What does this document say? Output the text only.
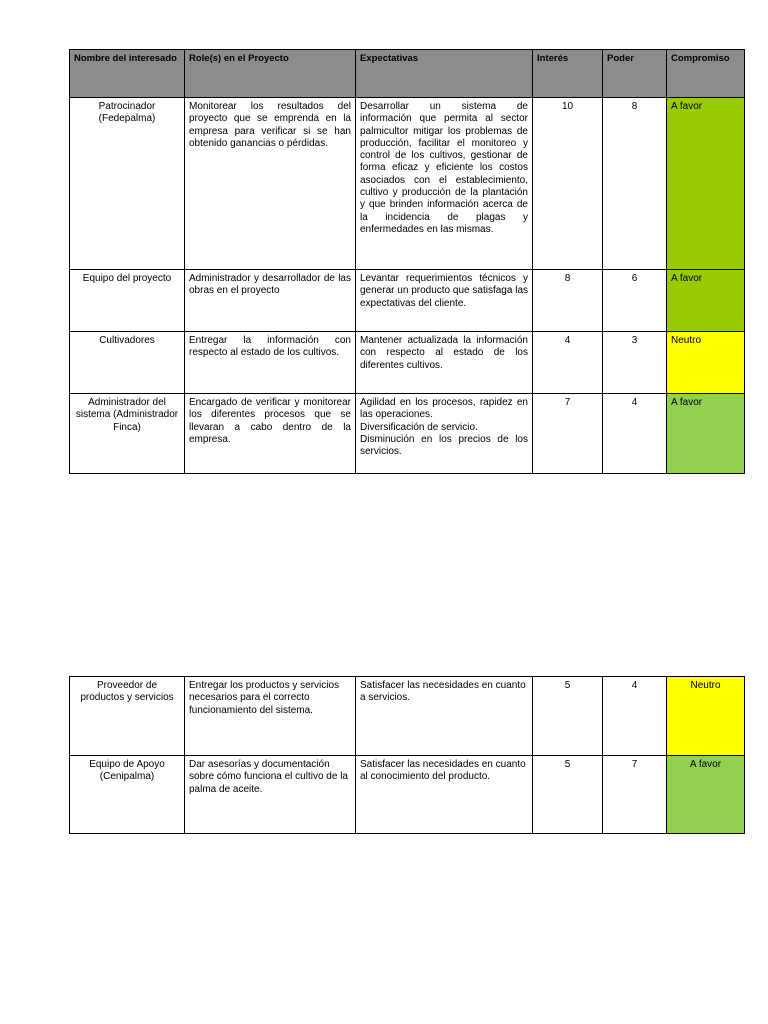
Nombre del interesado	Role(s) en el Proyecto	Expectativas	Interés	Poder	Compromiso
Patrocinador (Fedepalma)	Monitorear los resultados del proyecto que se emprenda en la empresa para verificar si se han obtenido ganancias o pérdidas.	Desarrollar un sistema de información que permita al sector palmicultor mitigar los problemas de producción, facilitar el monitoreo y control de los cultivos, gestionar de forma eficaz y eficiente los costos asociados con el establecimiento, cultivo y producción de la plantación y que brinden información acerca de la incidencia de plagas y enfermedades en las mismas.	10	8	A favor
Equipo del proyecto	Administrador y desarrollador de las obras en el proyecto	Levantar requerimientos técnicos y generar un producto que satisfaga las expectativas del cliente.	8	6	A favor
Cultivadores	Entregar la información con respecto al estado de los cultivos.	Mantener actualizada la información con respecto al estado de los diferentes cultivos.	4	3	Neutro
Administrador del sistema (Administrador Finca)	Encargado de verificar y monitorear los diferentes procesos que se llevaran a cabo dentro de la empresa.	Agilidad en los procesos, rapidez en las operaciones.
Diversificación de servicio.
Disminución en los precios de los servicios.	7	4	A favor
Proveedor de productos y servicios	Entregar los productos y servicios necesarios para el correcto funcionamiento del sistema.	Satisfacer las necesidades en cuanto a servicios.	5	4	Neutro
Equipo de Apoyo (Cenipalma)	Dar asesorías y documentación sobre cómo funciona el cultivo de la palma de aceite.	Satisfacer las necesidades en cuanto al conocimiento del producto.	5	7	A favor
